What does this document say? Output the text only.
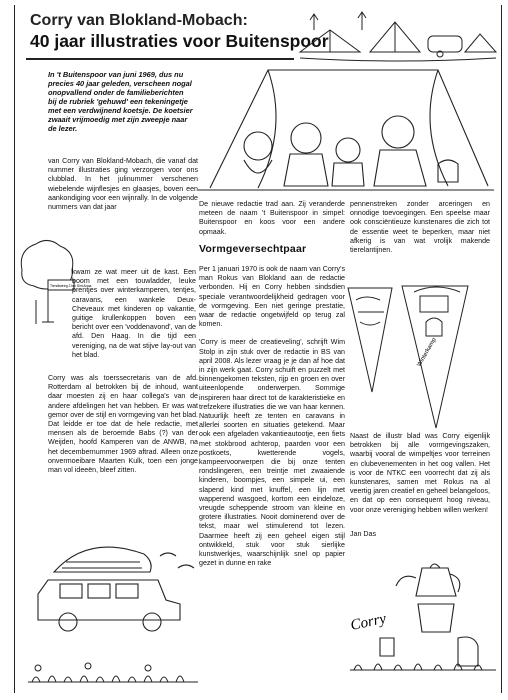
Corry van Blokland-Mobach:
40 jaar illustraties voor Buitenspoor
In 't Buitenspoor van juni 1969, dus nu precies 40 jaar geleden, verscheen nogal onopvallend onder de familieberichten bij de rubriek 'gehuwd' een tekeningetje met een verdwijnend koetsje. De koetsier zwaait vrijmoedig met zijn zweepje naar de lezer.

van Corry van Blokland-Mobach, die vanaf dat nummer illustraties ging verzorgen voor ons clubblad. In het julinummer verschenen wiebelende wijnflesjes en glaasjes, boven een aankondiging voor een wijnrally. In de volgende nummers van dat jaar

Tiendtsteeg 2 km Sint Anna

kwam ze wat meer uit de kast. Een boom met een touwladder, leuke prentjes over winterkamperen, tentjes, caravans, een wankele Deux-Cheveaux met kinderen op vakantie, guitige krullenkoppen boven een bericht over een 'voddenavond', van de afd. Den Haag. In die tijd een vereniging, na de wat stijve lay-out van het blad.

Corry was als toerssecretaris van de afd. Rotterdam al betrokken bij de inhoud, want daar moesten zij en haar collega's van de andere afdelingen het van hebben. Er was wat gemor over de stijl en vormgeving van het blad. Dat leidde er toe dat de hele redactie, met mensen als de beroemde Babs (?) van der Weijden, hoofd Kamperen van de ANWB, na het decembernummer 1969 aftrad. Alleen onze onvermoeibare Maarten Kulk, toen een jonge man vol ideeën, bleef zitten.

De nieuwe redactie trad aan. Zij veranderde meteen de naam 't Buitenspoor in simpel: Buitenspoor en koos voor een andere opmaak.

Vormgeversechtpaar

Per 1 januari 1970 is ook de naam van Corry's man Rokus van Blokland aan de redactie verbonden. Hij en Corry hebben sindsdien speciale verantwoordelijkheid gedragen voor de vormgeving. Een niet geringe prestatie, waar de redactie ongetwijfeld op terug zal komen.

'Corry is meer de creatieveling', schrijft Wim Stolp in zijn stuk over de redactie in BS van april 2008. Als lezer vraag je je dan af hoe dat in zijn werk gaat. Corry schuift en puzzelt met binnengekomen teksten, rijp en groen en over uiteenlopende onderwerpen. Sommige inspireren haar direct tot de karakteristieke en trefzekere illustraties die we van haar kennen. Natuurlijk heeft ze tenten en caravans in allerlei soorten en situaties getekend. Maar ook een afgeladen vakantieautootje, een fiets met stokbrood achterop, paarden voor een postkoets, kwetterende vogels, kampeervoorwerpen die bij onze tenten rondslingeren, een treintje met zwaaiende kinderen, boompjes, een simpele ui, een slapend kind met knuffel, een lijn met wapperend wasgoed, kortom een eindeloze, vreugde scheppende stroom van kleine en grotere illustraties. Nooit dominerend over de tekst, maar wel stimulerend tot lezen. Daarmee heeft zij een geheel eigen stijl ontwikkeld, stuk voor stuk sierlijke kunstwerkjes, waarschijnlijk snel op papier gezet in dunne en rake

pennenstreken zonder arceringen en onnodige toevoegingen. Een speelse maar ook consciëntieuze kunstenares die zich tot de essentie weet te beperken, maar niet afkerig is van wat vrolijk makende tierelantijnen.

Winterkamp

Naast de illustr blad was Corry eigenlijk betrokken bij alle vormgevingszaken, waarbij vooral de wimpeltjes voor terreinen en clubevenementen in het oog vallen. Het is voor de NTKC een voorrecht dat zij als kunstenares, samen met Rokus na al veertig jaren creatief en geheel belangeloos, en dat op een consequent hoog niveau, voor onze vereniging hebben willen werken!

Jan Das
Corry
